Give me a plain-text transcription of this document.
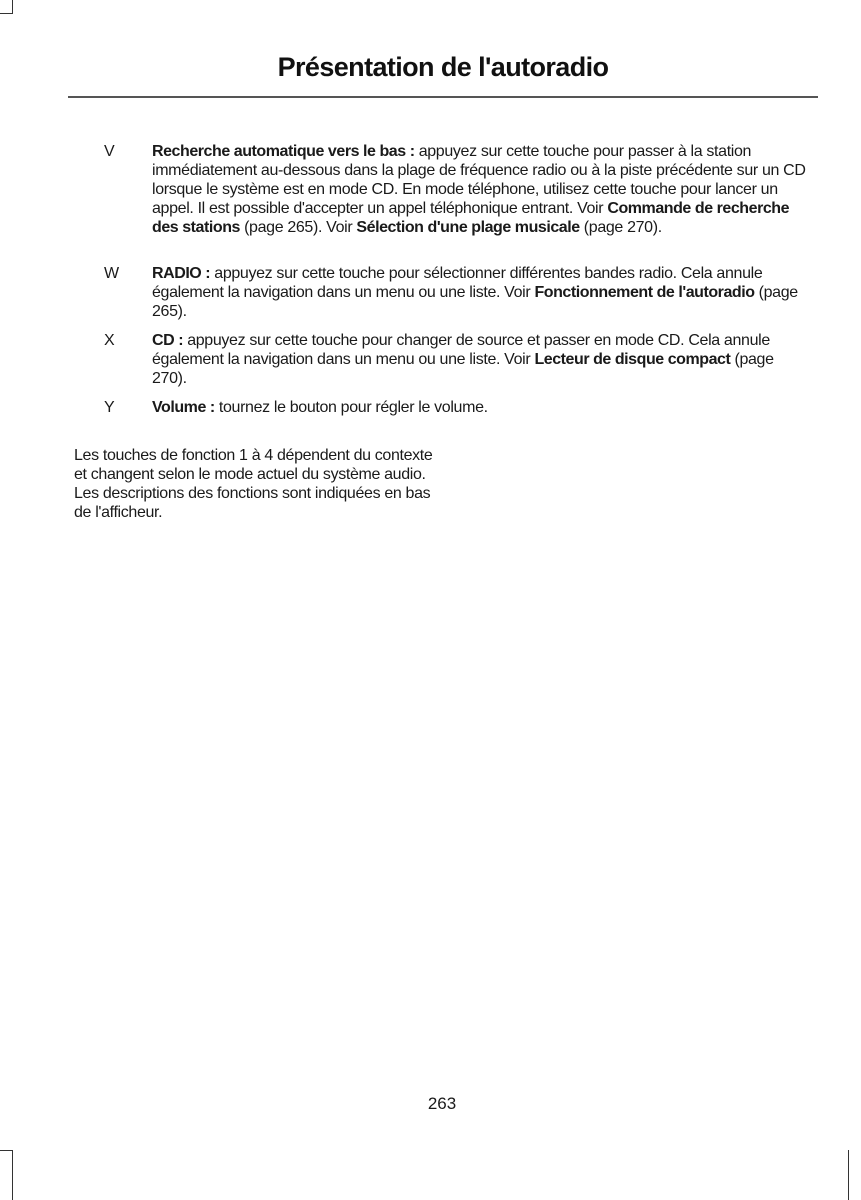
Présentation de l'autoradio
V Recherche automatique vers le bas : appuyez sur cette touche pour passer à la station immédiatement au-dessous dans la plage de fréquence radio ou à la piste précédente sur un CD lorsque le système est en mode CD. En mode téléphone, utilisez cette touche pour lancer un appel. Il est possible d'accepter un appel téléphonique entrant. Voir Commande de recherche des stations (page 265). Voir Sélection d'une plage musicale (page 270).
W RADIO : appuyez sur cette touche pour sélectionner différentes bandes radio. Cela annule également la navigation dans un menu ou une liste. Voir Fonctionnement de l'autoradio (page 265).
X CD : appuyez sur cette touche pour changer de source et passer en mode CD. Cela annule également la navigation dans un menu ou une liste. Voir Lecteur de disque compact (page 270).
Y Volume : tournez le bouton pour régler le volume.
Les touches de fonction 1 à 4 dépendent du contexte et changent selon le mode actuel du système audio. Les descriptions des fonctions sont indiquées en bas de l'afficheur.
263
